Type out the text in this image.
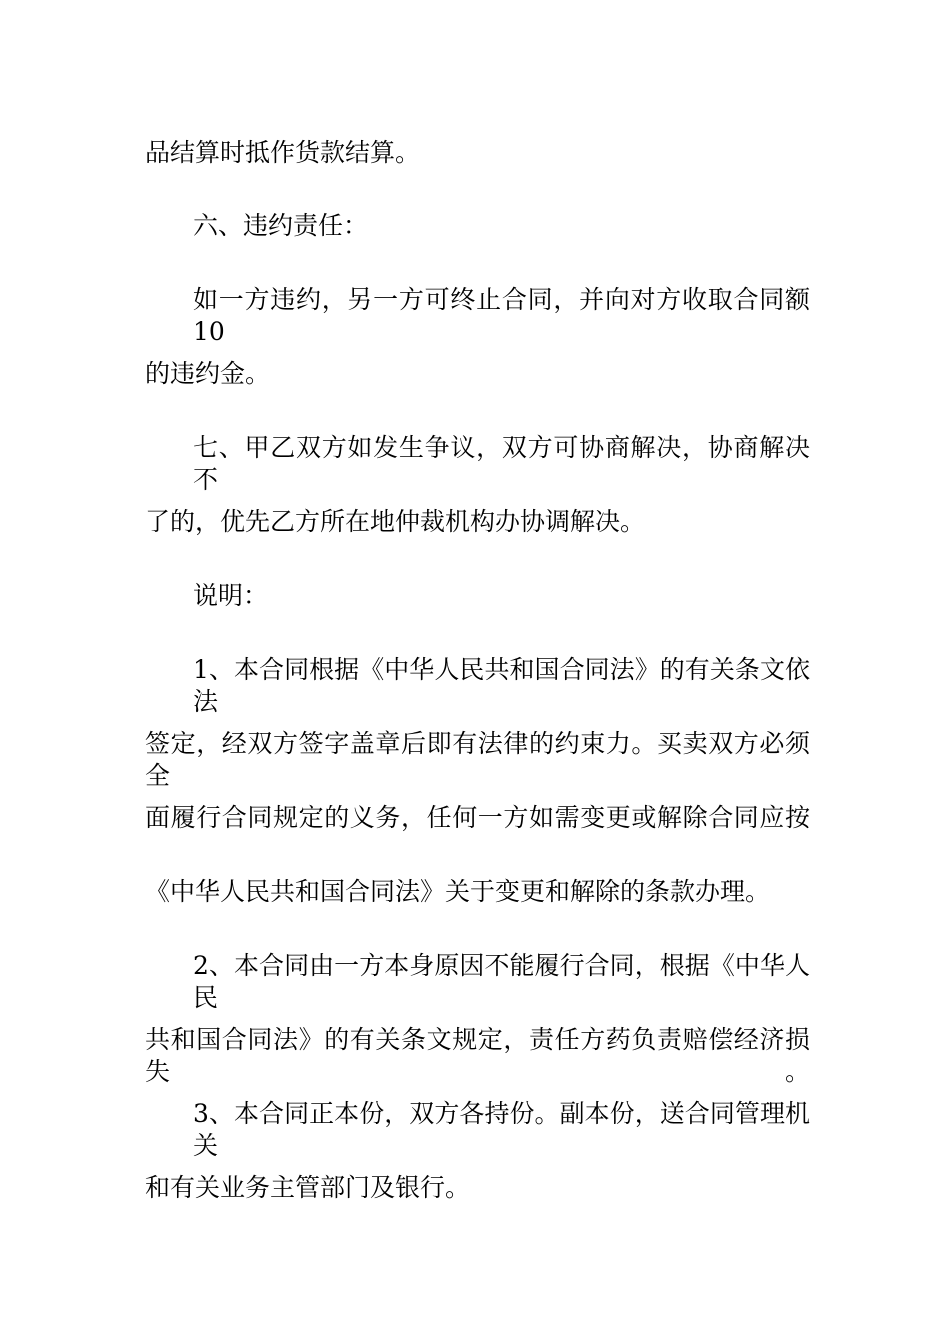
品结算时抵作货款结算。
六、违约责任：
如一方违约，另一方可终止合同，并向对方收取合同额 10
的违约金。
七、甲乙双方如发生争议，双方可协商解决，协商解决不
了的，优先乙方所在地仲裁机构办协调解决。
说明：
1、本合同根据《中华人民共和国合同法》的有关条文依法
签定，经双方签字盖章后即有法律的约束力。买卖双方必须全
面履行合同规定的义务，任何一方如需变更或解除合同应按
《中华人民共和国合同法》关于变更和解除的条款办理。
2、本合同由一方本身原因不能履行合同，根据《中华人民
共和国合同法》的有关条文规定，责任方药负责赔偿经济损失。
3、本合同正本份，双方各持份。副本份，送合同管理机关
和有关业务主管部门及银行。
